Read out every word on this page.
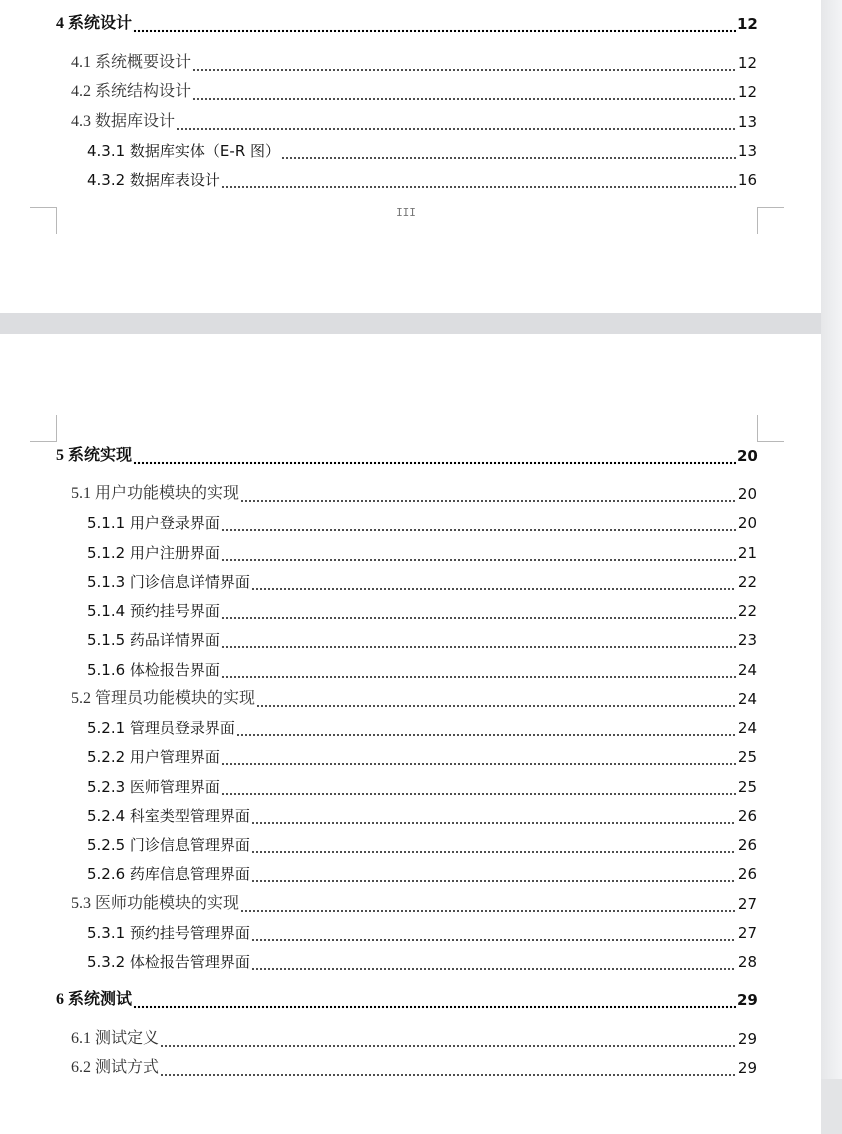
4 系统设计	12
4.1 系统概要设计	12
4.2 系统结构设计	12
4.3 数据库设计	13
4.3.1 数据库实体（E-R 图）	13
4.3.2 数据库表设计	16
III
5 系统实现	20
5.1 用户功能模块的实现	20
5.1.1 用户登录界面	20
5.1.2 用户注册界面	21
5.1.3 门诊信息详情界面	22
5.1.4 预约挂号界面	22
5.1.5 药品详情界面	23
5.1.6 体检报告界面	24
5.2 管理员功能模块的实现	24
5.2.1 管理员登录界面	24
5.2.2 用户管理界面	25
5.2.3 医师管理界面	25
5.2.4 科室类型管理界面	26
5.2.5 门诊信息管理界面	26
5.2.6 药库信息管理界面	26
5.3 医师功能模块的实现	27
5.3.1 预约挂号管理界面	27
5.3.2 体检报告管理界面	28
6 系统测试	29
6.1 测试定义	29
6.2 测试方式	29
